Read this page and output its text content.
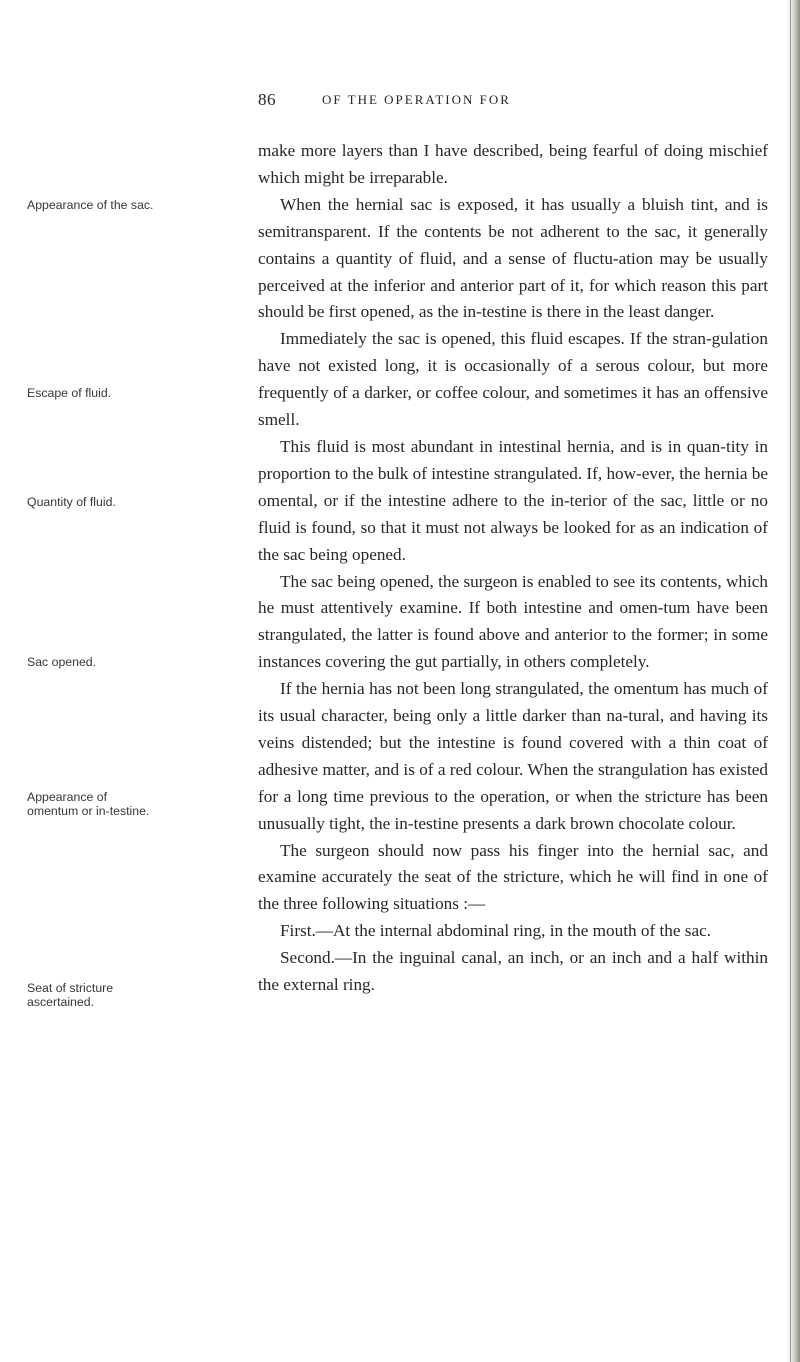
86	OF THE OPERATION FOR
Appearance of the sac.
Escape of fluid.
Quantity of fluid.
Sac opened.
Appearance of omentum or in-testine.
Seat of stricture ascertained.

make more layers than I have described, being fearful of doing mischief which might be irreparable.

When the hernial sac is exposed, it has usually a bluish tint, and is semitransparent. If the contents be not adherent to the sac, it generally contains a quantity of fluid, and a sense of fluctu-ation may be usually perceived at the inferior and anterior part of it, for which reason this part should be first opened, as the in-testine is there in the least danger.

Immediately the sac is opened, this fluid escapes. If the stran-gulation have not existed long, it is occasionally of a serous colour, but more frequently of a darker, or coffee colour, and sometimes it has an offensive smell.

This fluid is most abundant in intestinal hernia, and is in quan-tity in proportion to the bulk of intestine strangulated. If, how-ever, the hernia be omental, or if the intestine adhere to the in-terior of the sac, little or no fluid is found, so that it must not always be looked for as an indication of the sac being opened.

The sac being opened, the surgeon is enabled to see its contents, which he must attentively examine. If both intestine and omen-tum have been strangulated, the latter is found above and anterior to the former; in some instances covering the gut partially, in others completely.

If the hernia has not been long strangulated, the omentum has much of its usual character, being only a little darker than na-tural, and having its veins distended; but the intestine is found covered with a thin coat of adhesive matter, and is of a red colour. When the strangulation has existed for a long time previous to the operation, or when the stricture has been unusually tight, the in-testine presents a dark brown chocolate colour.

The surgeon should now pass his finger into the hernial sac, and examine accurately the seat of the stricture, which he will find in one of the three following situations :—

First.—At the internal abdominal ring, in the mouth of the sac.

Second.—In the inguinal canal, an inch, or an inch and a half within the external ring.
